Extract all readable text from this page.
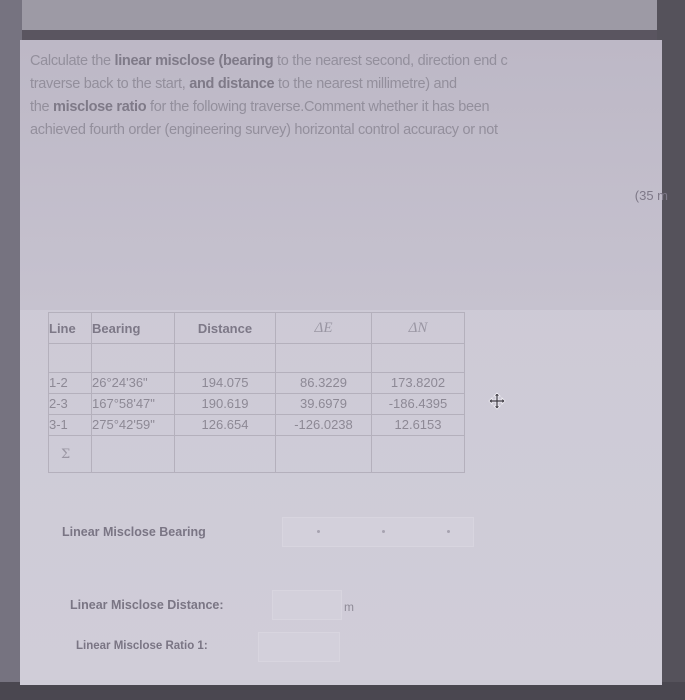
Calculate the linear misclose (bearing to the nearest second, direction end c
traverse back to the start, and distance to the nearest millimetre) and
the misclose ratio for the following traverse.Comment whether it has been
achieved fourth order (engineering survey) horizontal control accuracy or not
(35 m
Line	Bearing	Distance	ΔE	ΔN

1-2	26°24'36"	194.075	86.3229	173.8202
2-3	167°58'47"	190.619	39.6979	-186.4395
3-1	275°42'59"	126.654	-126.0238	12.6153
Σ				
Linear Misclose Bearing
Linear Misclose Distance:	m
Linear Misclose Ratio 1:
